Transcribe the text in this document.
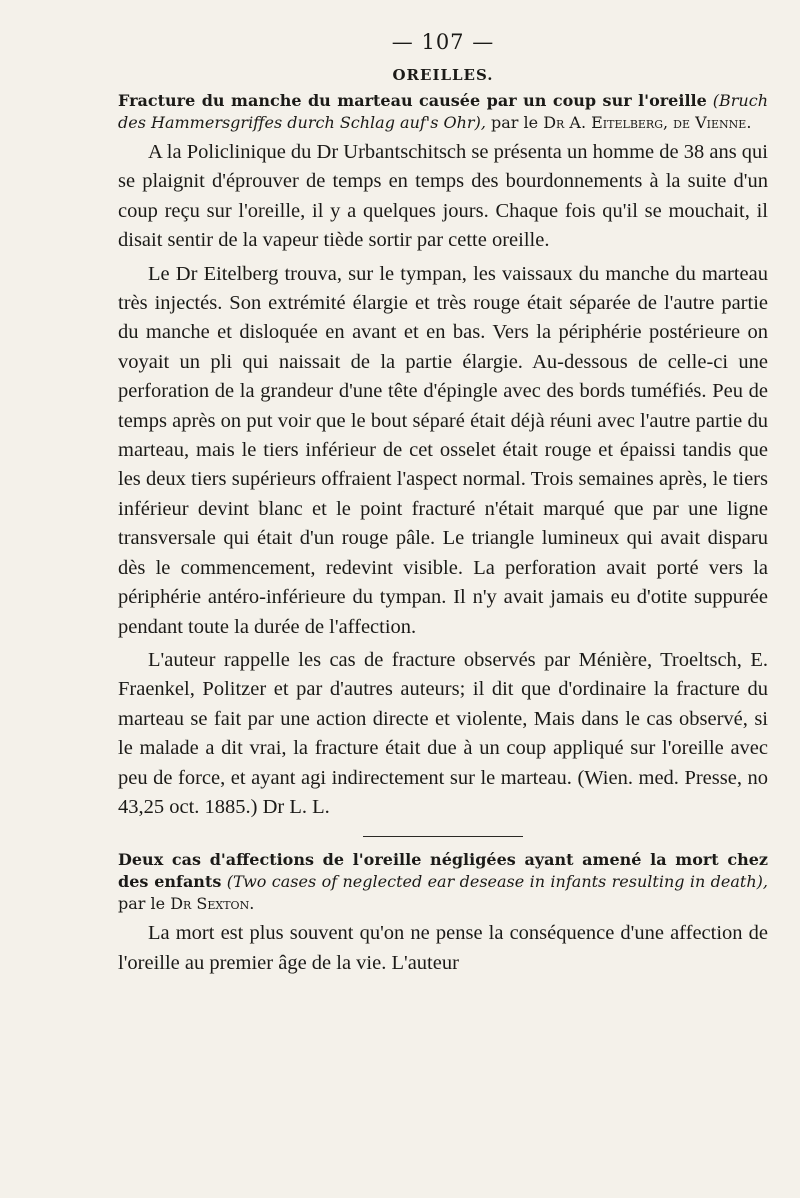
— 107 —
OREILLES.
Fracture du manche du marteau causée par un coup sur l'oreille (Bruch des Hammersgriffes durch Schlag auf's Ohr), par le Dr A. Eitelberg, de Vienne.

A la Policlinique du Dr Urbantschitsch se présenta un homme de 38 ans qui se plaignit d'éprouver de temps en temps des bourdonnements à la suite d'un coup reçu sur l'oreille, il y a quelques jours. Chaque fois qu'il se mouchait, il disait sentir de la vapeur tiède sortir par cette oreille.

Le Dr Eitelberg trouva, sur le tympan, les vaissaux du manche du marteau très injectés. Son extrémité élargie et très rouge était séparée de l'autre partie du manche et disloquée en avant et en bas. Vers la périphérie postérieure on voyait un pli qui naissait de la partie élargie. Au-dessous de celle-ci une perforation de la grandeur d'une tête d'épingle avec des bords tuméfiés. Peu de temps après on put voir que le bout séparé était déjà réuni avec l'autre partie du marteau, mais le tiers inférieur de cet osselet était rouge et épaissi tandis que les deux tiers supérieurs offraient l'aspect normal. Trois semaines après, le tiers inférieur devint blanc et le point fracturé n'était marqué que par une ligne transversale qui était d'un rouge pâle. Le triangle lumineux qui avait disparu dès le commencement, redevint visible. La perforation avait porté vers la périphérie antéro-inférieure du tympan. Il n'y avait jamais eu d'otite suppurée pendant toute la durée de l'affection.

L'auteur rappelle les cas de fracture observés par Ménière, Troeltsch, E. Fraenkel, Politzer et par d'autres auteurs; il dit que d'ordinaire la fracture du marteau se fait par une action directe et violente, Mais dans le cas observé, si le malade a dit vrai, la fracture était due à un coup appliqué sur l'oreille avec peu de force, et ayant agi indirectement sur le marteau. (Wien. med. Presse, no 43,25 oct. 1885.) Dr L. L.

Deux cas d'affections de l'oreille négligées ayant amené la mort chez des enfants (Two cases of neglected ear desease in infants resulting in death), par le Dr Sexton.

La mort est plus souvent qu'on ne pense la conséquence d'une affection de l'oreille au premier âge de la vie. L'auteur
